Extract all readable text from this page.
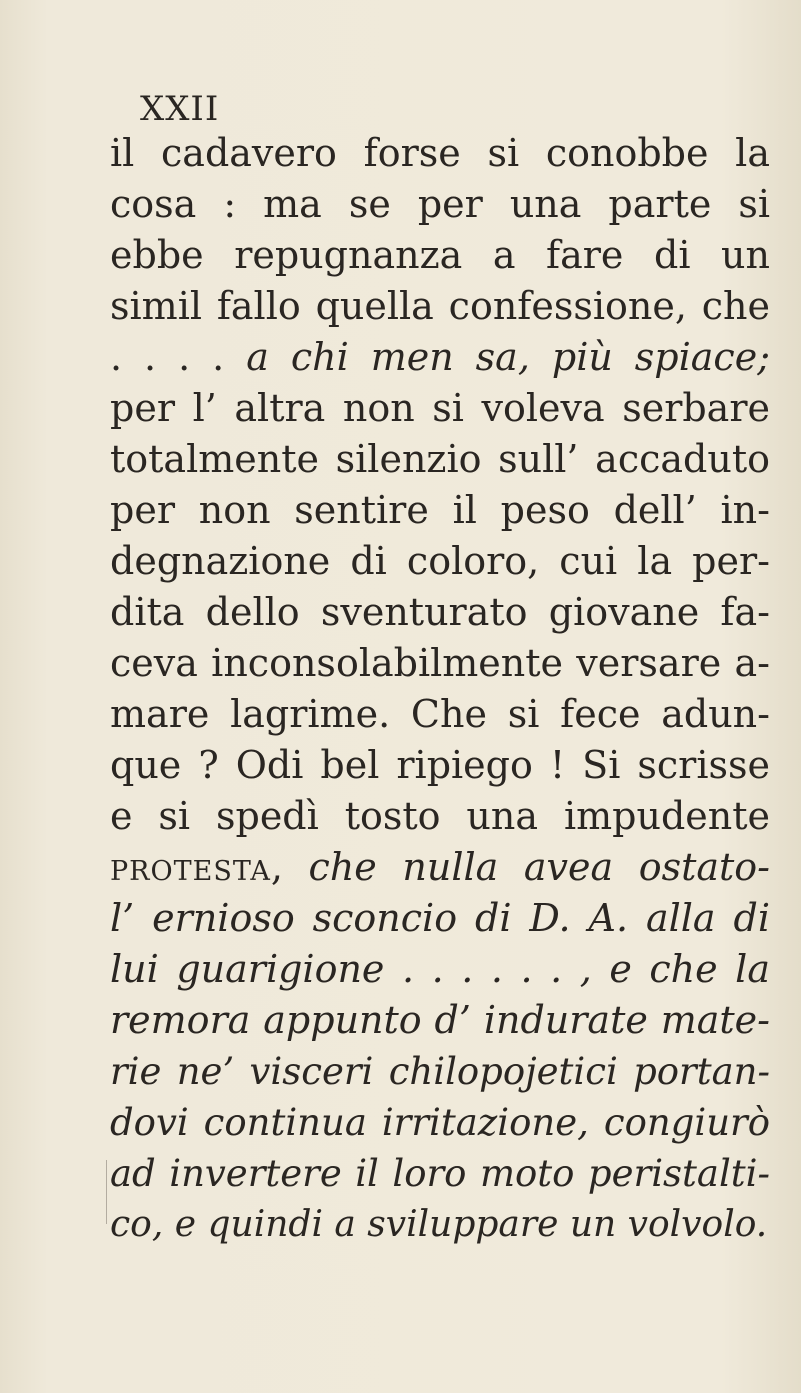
XXII
il cadavero forse si conobbe la
cosa : ma se per una parte si
ebbe repugnanza a fare di un
simil fallo quella confessione, che
. . . . a chi men sa, più spiace;
per l’ altra non si voleva serbare
totalmente silenzio sull’ accaduto
per non sentire il peso dell’ in-
degnazione di coloro, cui la per-
dita dello sventurato giovane fa-
ceva inconsolabilmente versare a-
mare lagrime. Che si fece adun-
que ? Odi bel ripiego ! Si scrisse
e si spedì tosto una impudente
protesta, che nulla avea ostato-
l’ ernioso sconcio di D. A. alla di
lui guarigione . . . . . . , e che la
remora appunto d’ indurate mate-
rie ne’ visceri chilopojetici portan-
dovi continua irritazione, congiurò
ad invertere il loro moto peristalti-
co, e quindi a sviluppare un volvolo.
